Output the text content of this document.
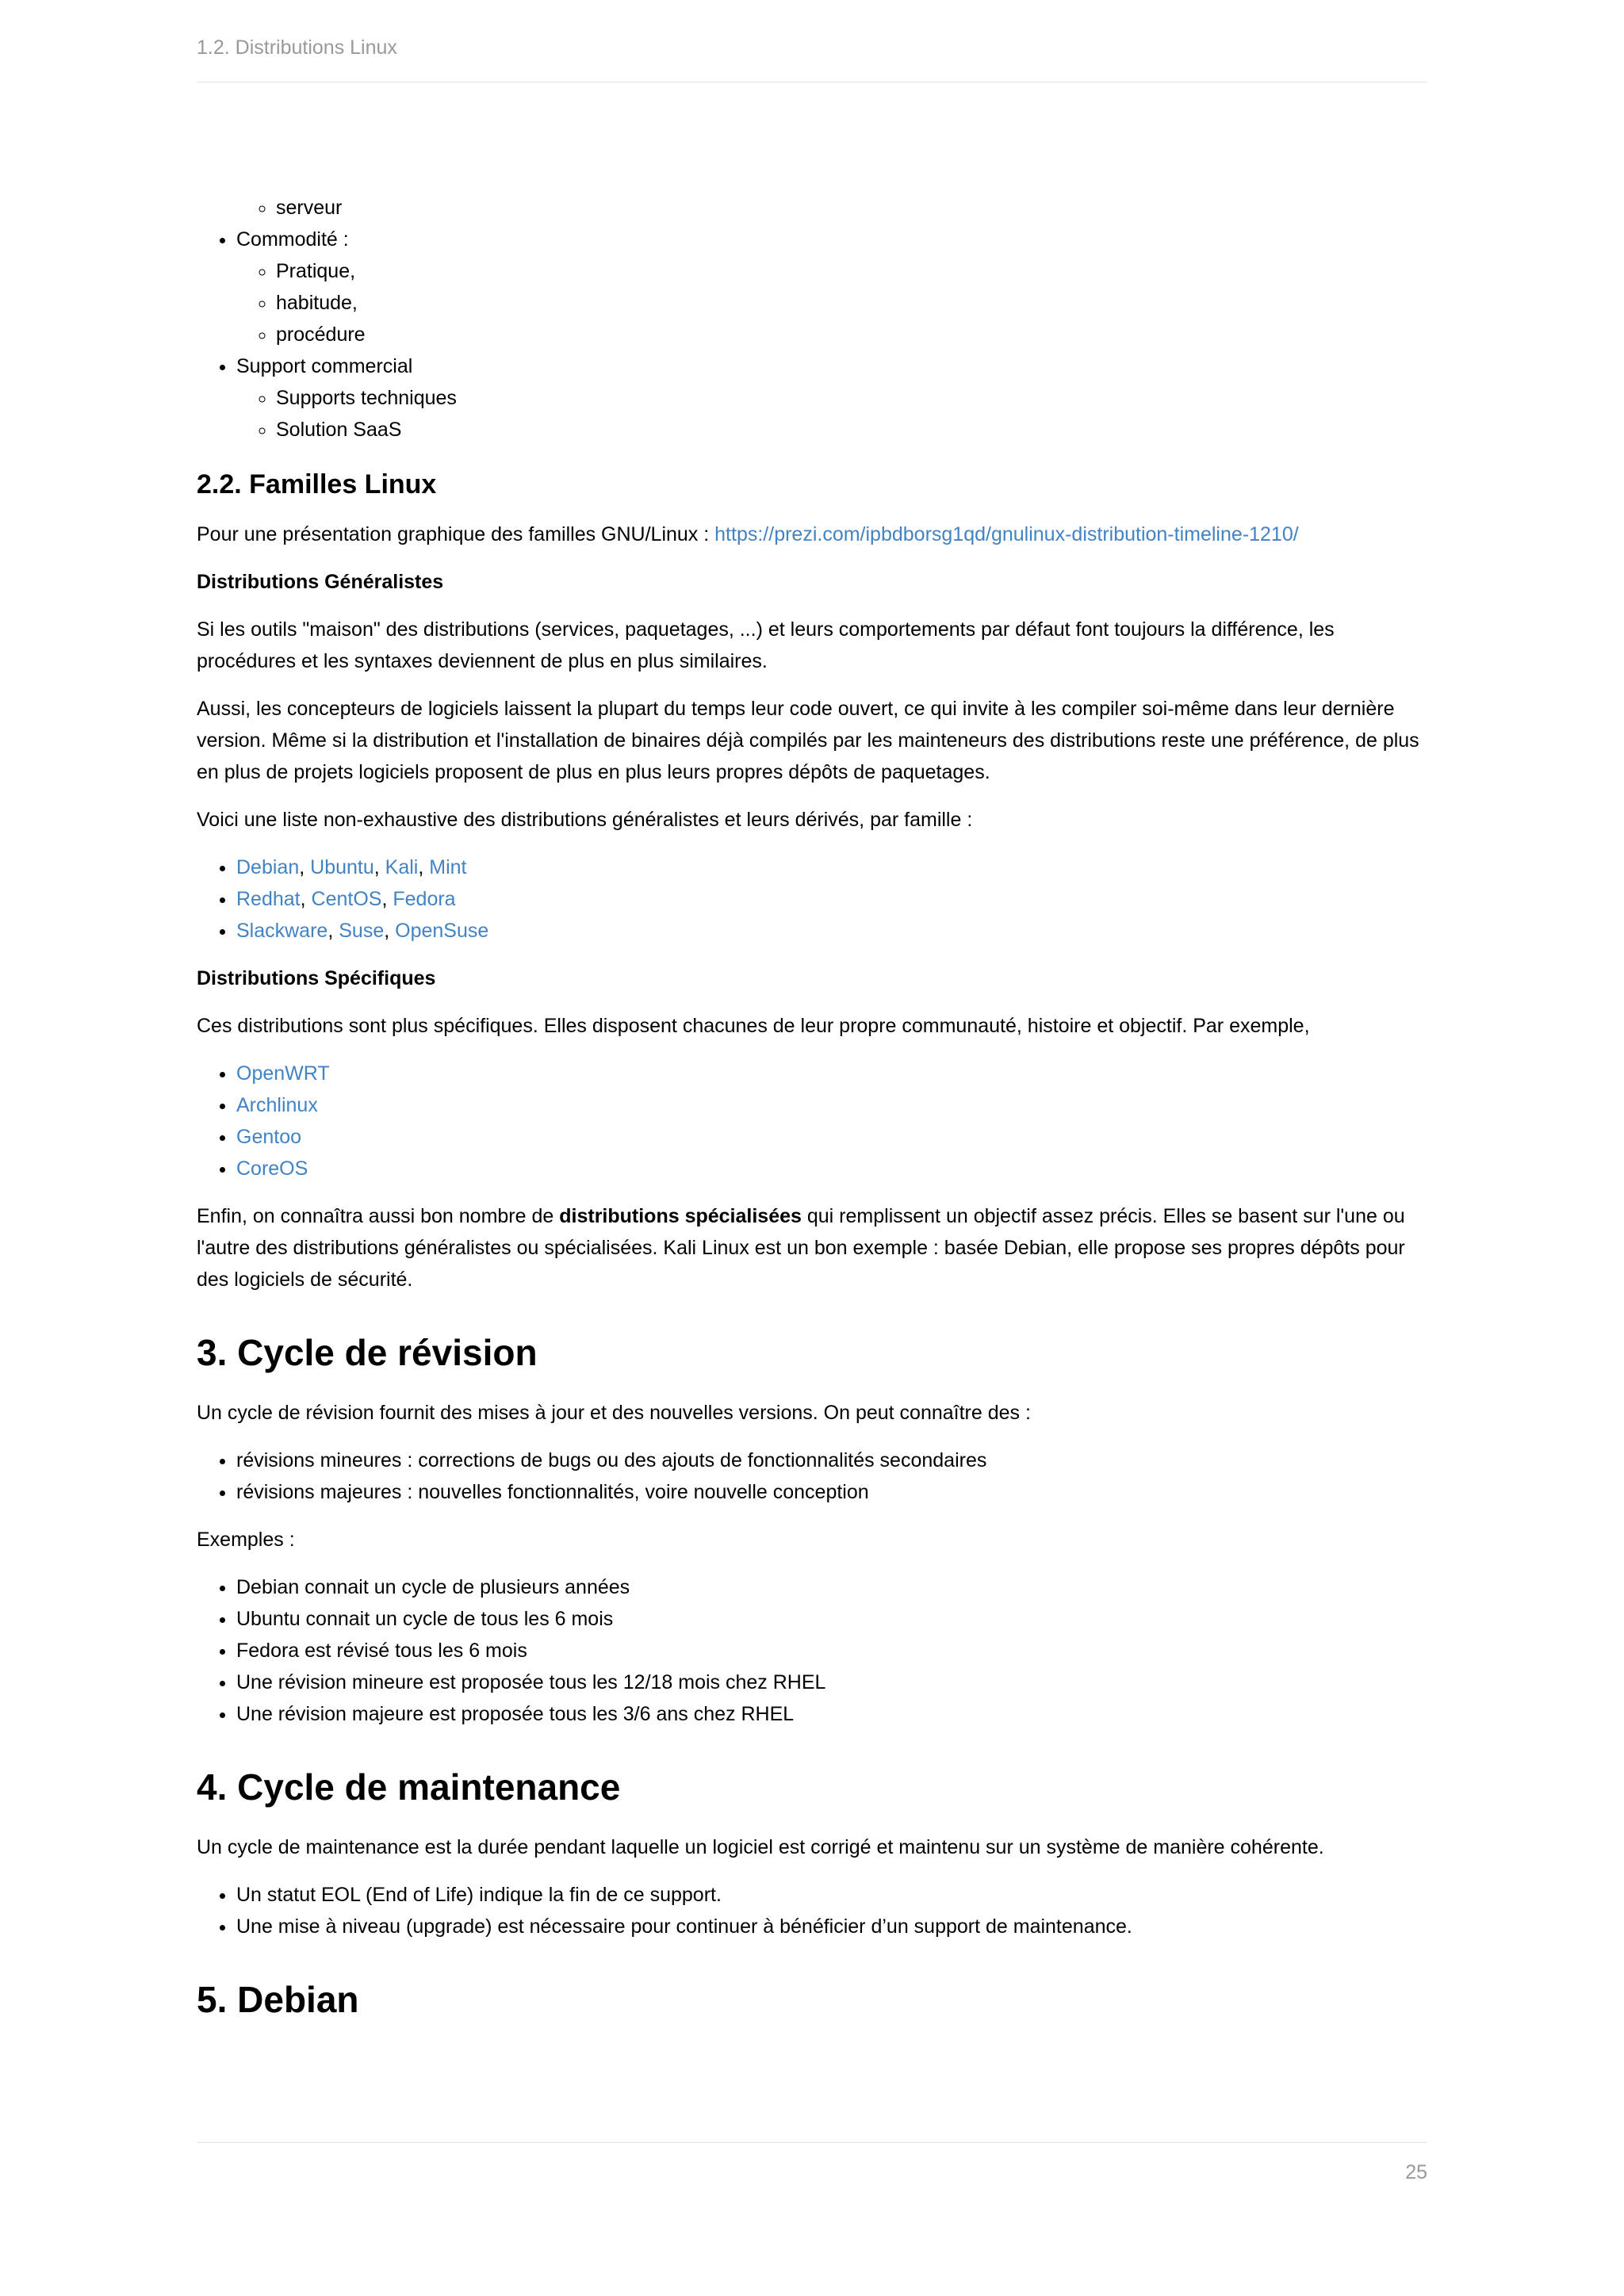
1.2. Distributions Linux
◦ serveur
• Commodité :
◦ Pratique,
◦ habitude,
◦ procédure
• Support commercial
◦ Supports techniques
◦ Solution SaaS
2.2. Familles Linux

Pour une présentation graphique des familles GNU/Linux : https://prezi.com/ipbdborsg1qd/gnulinux-distribution-timeline-1210/

Distributions Généralistes

Si les outils "maison" des distributions (services, paquetages, ...) et leurs comportements par défaut font toujours la différence, les procédures et les syntaxes deviennent de plus en plus similaires.

Aussi, les concepteurs de logiciels laissent la plupart du temps leur code ouvert, ce qui invite à les compiler soi-même dans leur dernière version. Même si la distribution et l'installation de binaires déjà compilés par les mainteneurs des distributions reste une préférence, de plus en plus de projets logiciels proposent de plus en plus leurs propres dépôts de paquetages.

Voici une liste non-exhaustive des distributions généralistes et leurs dérivés, par famille :

• Debian, Ubuntu, Kali, Mint
• Redhat, CentOS, Fedora
• Slackware, Suse, OpenSuse

Distributions Spécifiques

Ces distributions sont plus spécifiques. Elles disposent chacunes de leur propre communauté, histoire et objectif. Par exemple,

• OpenWRT
• Archlinux
• Gentoo
• CoreOS

Enfin, on connaîtra aussi bon nombre de distributions spécialisées qui remplissent un objectif assez précis. Elles se basent sur l'une ou l'autre des distributions généralistes ou spécialisées. Kali Linux est un bon exemple : basée Debian, elle propose ses propres dépôts pour des logiciels de sécurité.

3. Cycle de révision

Un cycle de révision fournit des mises à jour et des nouvelles versions. On peut connaître des :

• révisions mineures : corrections de bugs ou des ajouts de fonctionnalités secondaires
• révisions majeures : nouvelles fonctionnalités, voire nouvelle conception

Exemples :

• Debian connait un cycle de plusieurs années
• Ubuntu connait un cycle de tous les 6 mois
• Fedora est révisé tous les 6 mois
• Une révision mineure est proposée tous les 12/18 mois chez RHEL
• Une révision majeure est proposée tous les 3/6 ans chez RHEL
4. Cycle de maintenance

Un cycle de maintenance est la durée pendant laquelle un logiciel est corrigé et maintenu sur un système de manière cohérente.

• Un statut EOL (End of Life) indique la fin de ce support.
• Une mise à niveau (upgrade) est nécessaire pour continuer à bénéficier d’un support de maintenance.
5. Debian
25
